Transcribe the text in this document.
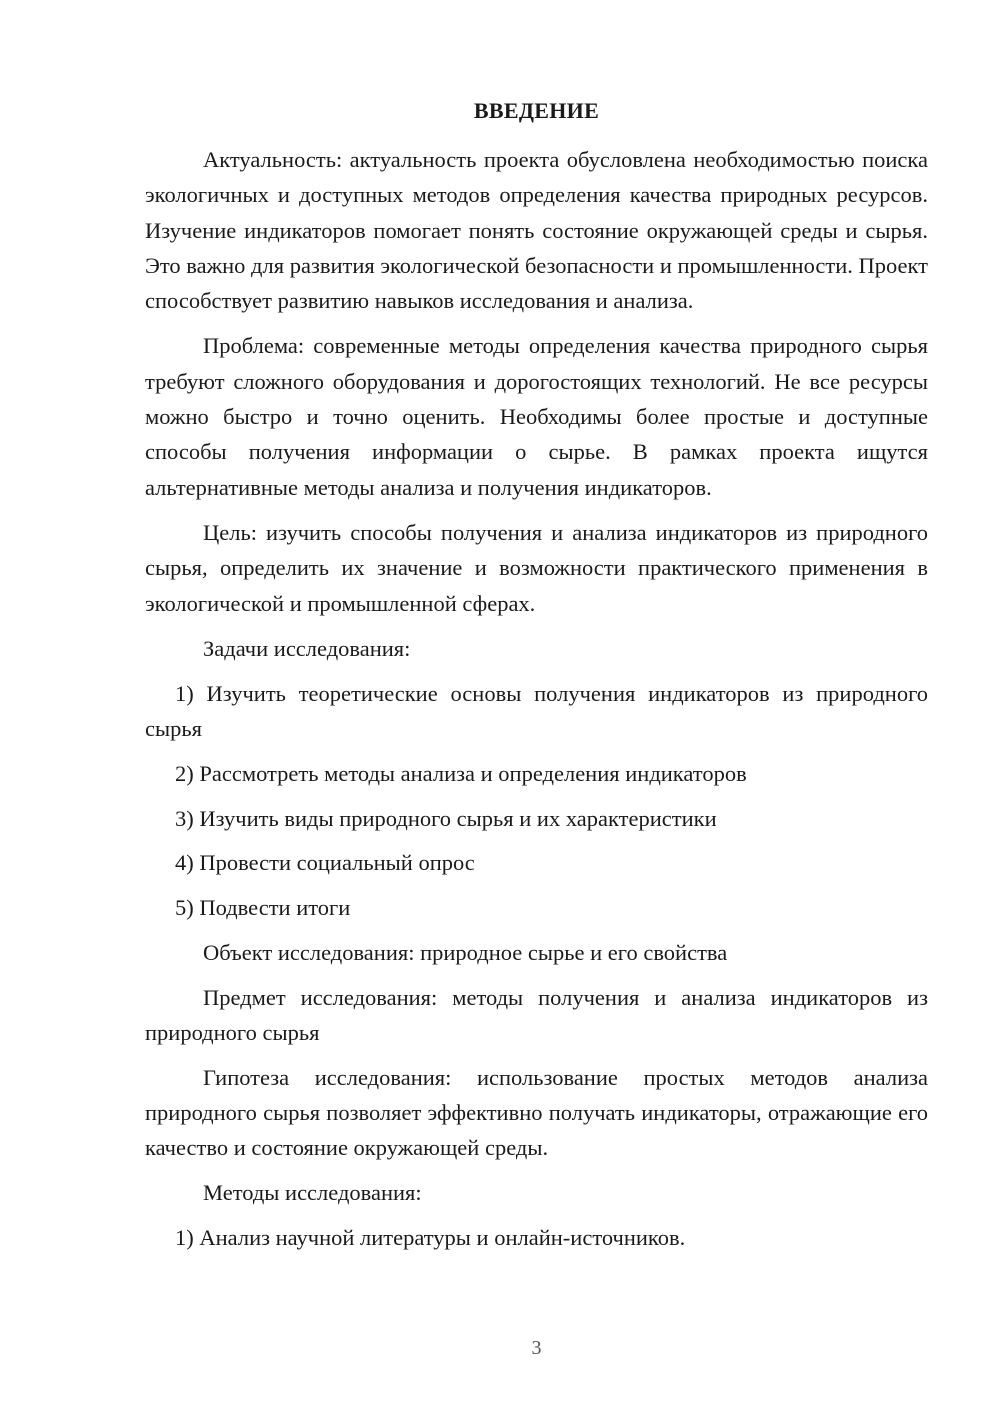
ВВЕДЕНИЕ

Актуальность: актуальность проекта обусловлена необходимостью поиска экологичных и доступных методов определения качества природных ресурсов. Изучение индикаторов помогает понять состояние окружающей среды и сырья. Это важно для развития экологической безопасности и промышленности. Проект способствует развитию навыков исследования и анализа.

Проблема: современные методы определения качества природного сырья требуют сложного оборудования и дорогостоящих технологий. Не все ресурсы можно быстро и точно оценить. Необходимы более простые и доступные способы получения информации о сырье. В рамках проекта ищутся альтернативные методы анализа и получения индикаторов.

Цель: изучить способы получения и анализа индикаторов из природного сырья, определить их значение и возможности практического применения в экологической и промышленной сферах.

Задачи исследования:

1) Изучить теоретические основы получения индикаторов из природного сырья

2) Рассмотреть методы анализа и определения индикаторов

3) Изучить виды природного сырья и их характеристики

4) Провести социальный опрос

5) Подвести итоги

Объект исследования: природное сырье и его свойства

Предмет исследования: методы получения и анализа индикаторов из природного сырья

Гипотеза исследования: использование простых методов анализа природного сырья позволяет эффективно получать индикаторы, отражающие его качество и состояние окружающей среды.

Методы исследования:

1) Анализ научной литературы и онлайн-источников.

3
